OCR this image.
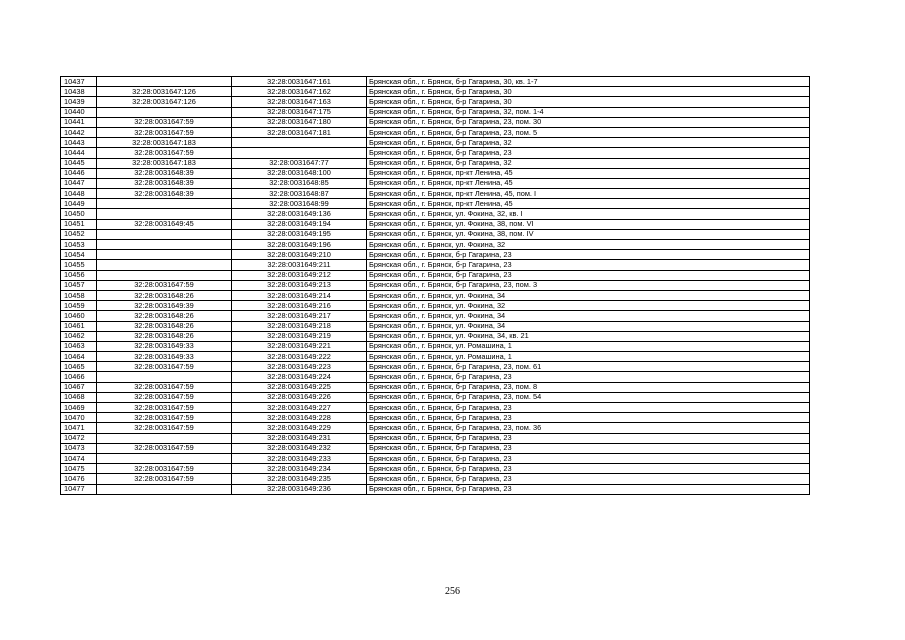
10437		32:28:0031647:161	Брянская обл., г. Брянск, б-р Гагарина, 30, кв. 1-7
10438	32:28:0031647:126	32:28:0031647:162	Брянская обл., г. Брянск, б-р Гагарина, 30
10439	32:28:0031647:126	32:28:0031647:163	Брянская обл., г. Брянск, б-р Гагарина, 30
10440		32:28:0031647:175	Брянская обл., г. Брянск, б-р Гагарина, 32, пом. 1-4
10441	32:28:0031647:59	32:28:0031647:180	Брянская обл., г. Брянск, б-р Гагарина, 23, пом. 30
10442	32:28:0031647:59	32:28:0031647:181	Брянская обл., г. Брянск, б-р Гагарина, 23, пом. 5
10443	32:28:0031647:183		Брянская обл., г. Брянск, б-р Гагарина, 32
10444	32:28:0031647:59		Брянская обл., г. Брянск, б-р Гагарина, 23
10445	32:28:0031647:183	32:28:0031647:77	Брянская обл., г. Брянск, б-р Гагарина, 32
10446	32:28:0031648:39	32:28:0031648:100	Брянская обл., г. Брянск, пр-кт Ленина, 45
10447	32:28:0031648:39	32:28:0031648:85	Брянская обл., г. Брянск, пр-кт Ленина, 45
10448	32:28:0031648:39	32:28:0031648:87	Брянская обл., г. Брянск, пр-кт Ленина, 45, пом. I
10449		32:28:0031648:99	Брянская обл., г. Брянск, пр-кт Ленина, 45
10450		32:28:0031649:136	Брянская обл., г. Брянск, ул. Фокина, 32, кв. I
10451	32:28:0031649:45	32:28:0031649:194	Брянская обл., г. Брянск, ул. Фокина, 38, пом. VI
10452		32:28:0031649:195	Брянская обл., г. Брянск, ул. Фокина, 38, пом. IV
10453		32:28:0031649:196	Брянская обл., г. Брянск, ул. Фокина, 32
10454		32:28:0031649:210	Брянская обл., г. Брянск, б-р Гагарина, 23
10455		32:28:0031649:211	Брянская обл., г. Брянск, б-р Гагарина, 23
10456		32:28:0031649:212	Брянская обл., г. Брянск, б-р Гагарина, 23
10457	32:28:0031647:59	32:28:0031649:213	Брянская обл., г. Брянск, б-р Гагарина, 23, пом. 3
10458	32:28:0031648:26	32:28:0031649:214	Брянская обл., г. Брянск, ул. Фокина, 34
10459	32:28:0031649:39	32:28:0031649:216	Брянская обл., г. Брянск, ул. Фокина, 32
10460	32:28:0031648:26	32:28:0031649:217	Брянская обл., г. Брянск, ул. Фокина, 34
10461	32:28:0031648:26	32:28:0031649:218	Брянская обл., г. Брянск, ул. Фокина, 34
10462	32:28:0031648:26	32:28:0031649:219	Брянская обл., г. Брянск, ул. Фокина, 34, кв. 21
10463	32:28:0031649:33	32:28:0031649:221	Брянская обл., г. Брянск, ул. Ромашина, 1
10464	32:28:0031649:33	32:28:0031649:222	Брянская обл., г. Брянск, ул. Ромашина, 1
10465	32:28:0031647:59	32:28:0031649:223	Брянская обл., г. Брянск, б-р Гагарина, 23, пом. 61
10466		32:28:0031649:224	Брянская обл., г. Брянск, б-р Гагарина, 23
10467	32:28:0031647:59	32:28:0031649:225	Брянская обл., г. Брянск, б-р Гагарина, 23, пом. 8
10468	32:28:0031647:59	32:28:0031649:226	Брянская обл., г. Брянск, б-р Гагарина, 23, пом. 54
10469	32:28:0031647:59	32:28:0031649:227	Брянская обл., г. Брянск, б-р Гагарина, 23
10470	32:28:0031647:59	32:28:0031649:228	Брянская обл., г. Брянск, б-р Гагарина, 23
10471	32:28:0031647:59	32:28:0031649:229	Брянская обл., г. Брянск, б-р Гагарина, 23, пом. 36
10472		32:28:0031649:231	Брянская обл., г. Брянск, б-р Гагарина, 23
10473	32:28:0031647:59	32:28:0031649:232	Брянская обл., г. Брянск, б-р Гагарина, 23
10474		32:28:0031649:233	Брянская обл., г. Брянск, б-р Гагарина, 23
10475	32:28:0031647:59	32:28:0031649:234	Брянская обл., г. Брянск, б-р Гагарина, 23
10476	32:28:0031647:59	32:28:0031649:235	Брянская обл., г. Брянск, б-р Гагарина, 23
10477		32:28:0031649:236	Брянская обл., г. Брянск, б-р Гагарина, 23
256
